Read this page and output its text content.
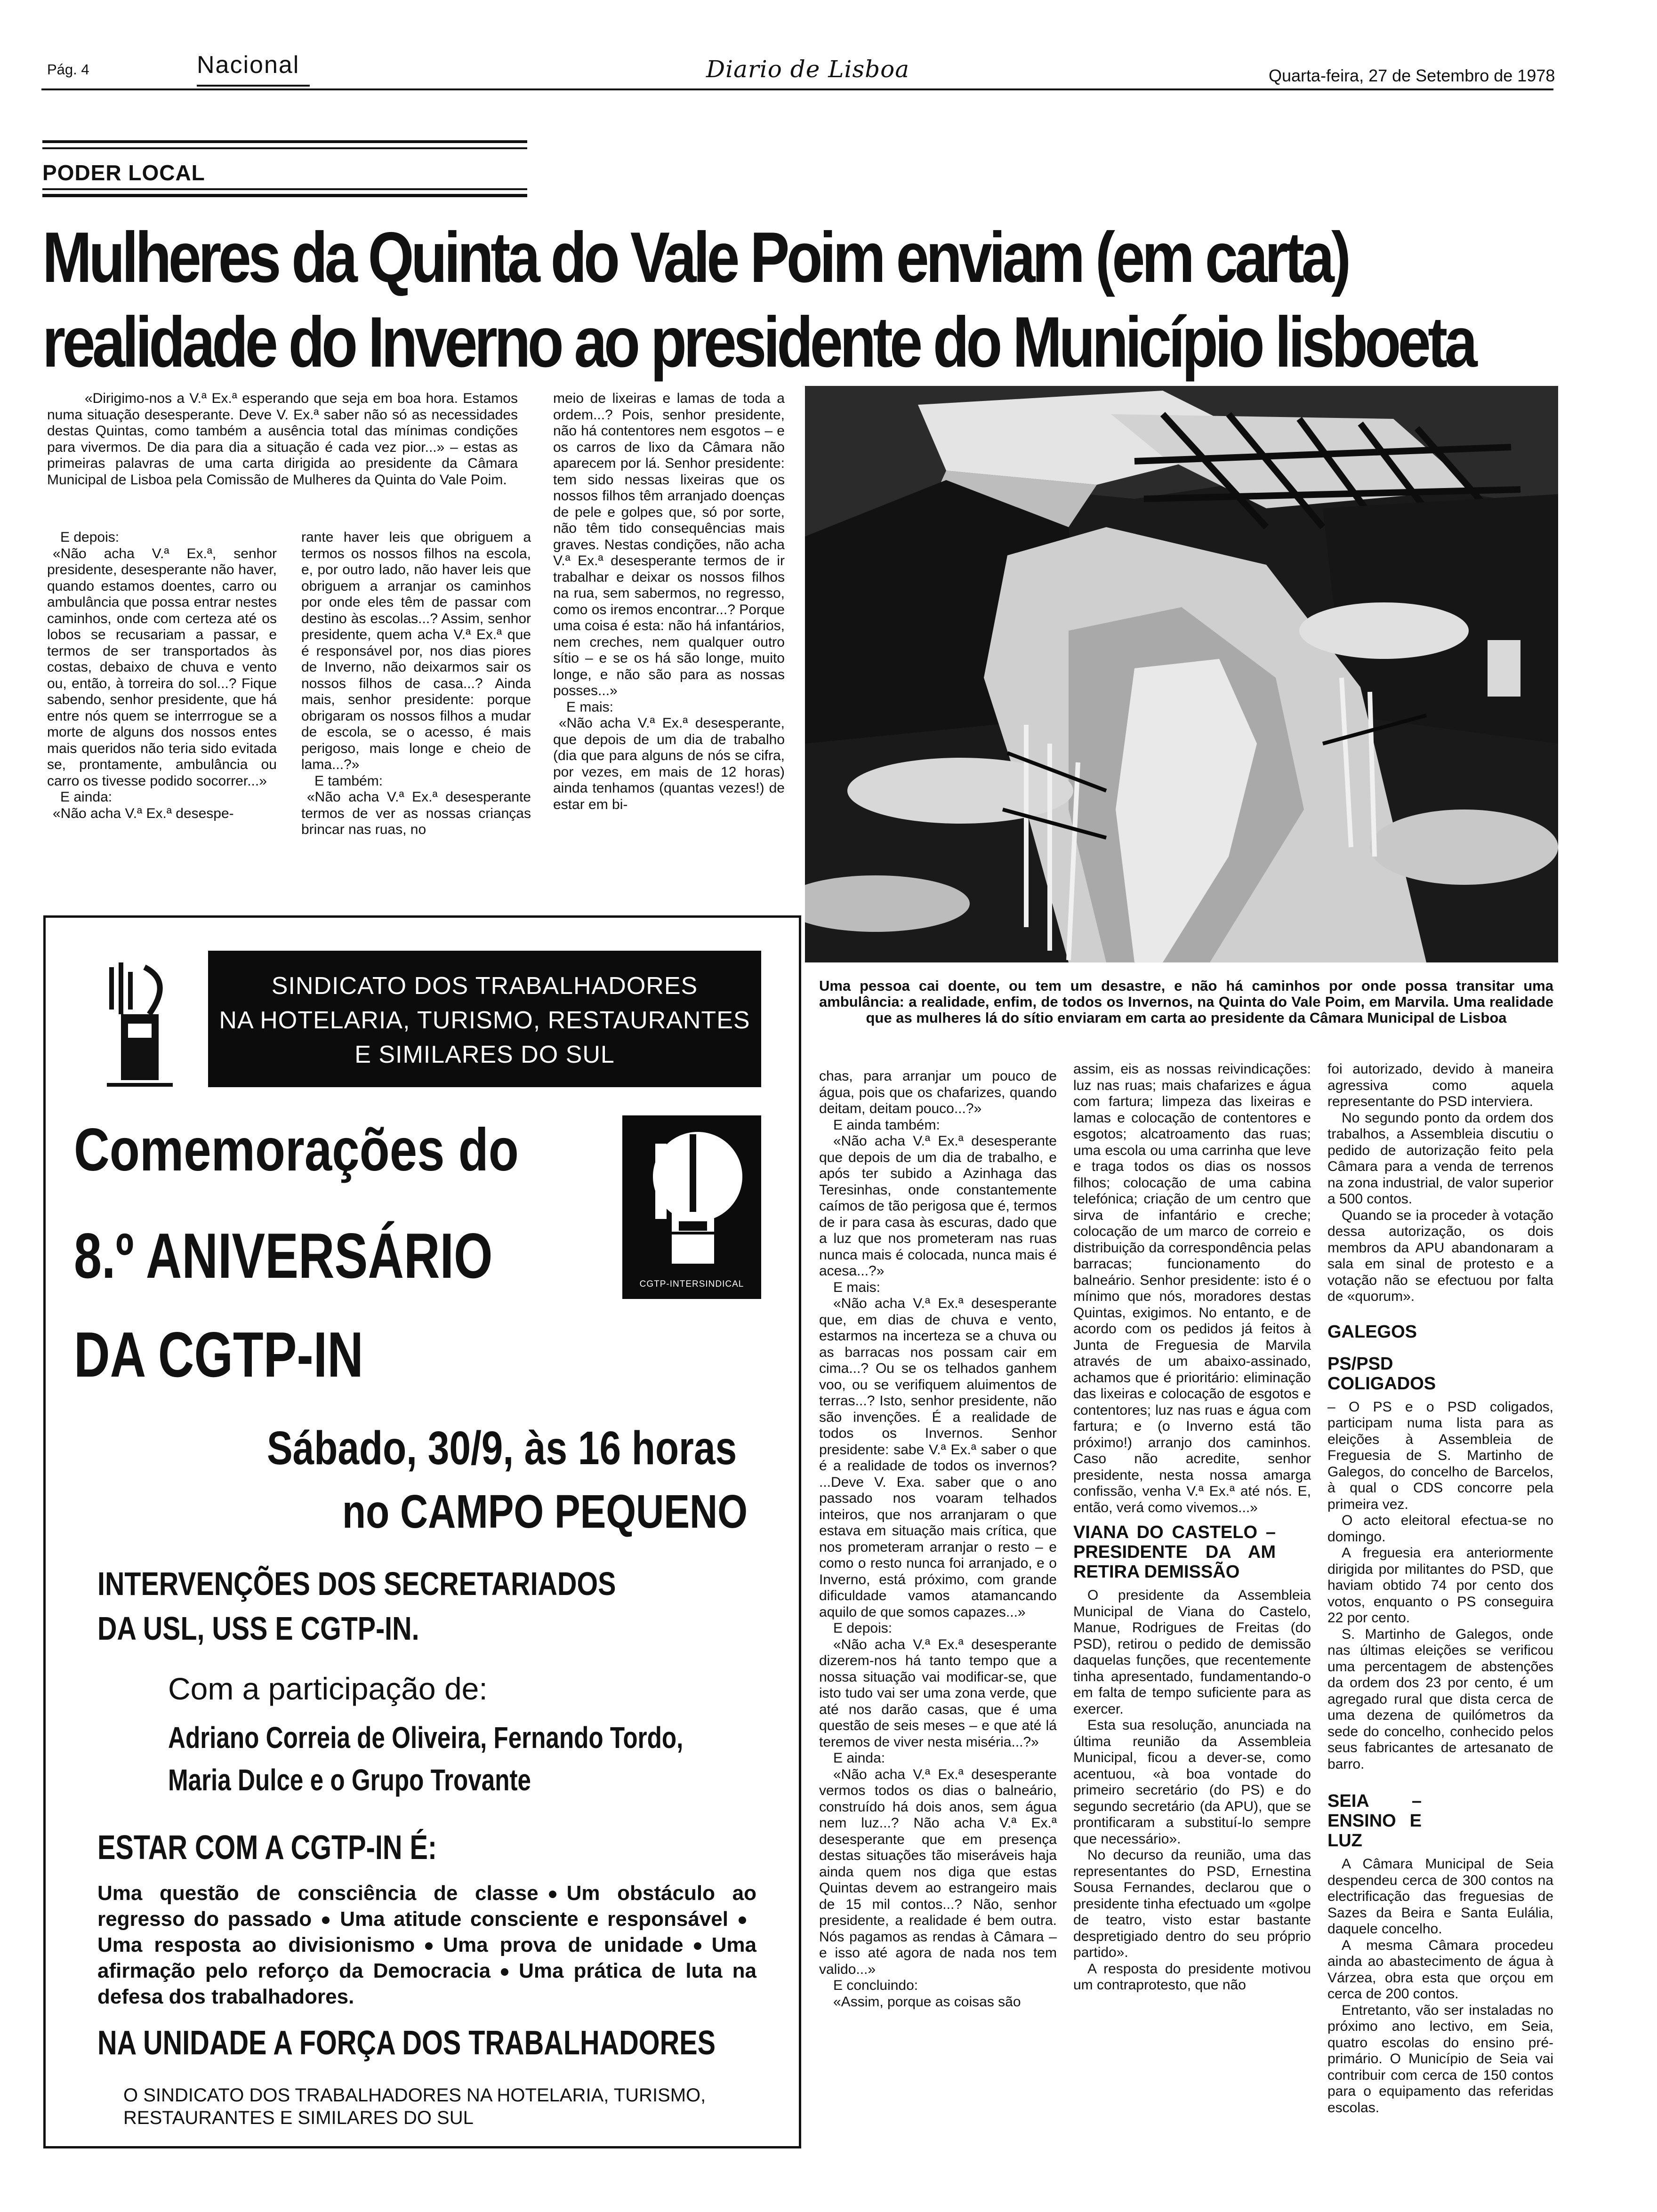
Pág. 4	Nacional	Diario de Lisboa	Quarta-feira, 27 de Setembro de 1978
PODER LOCAL
Mulheres da Quinta do Vale Poim enviam (em carta)
realidade do Inverno ao presidente do Município lisboeta

«Dirigimo-nos a V.ª Ex.ª esperando que seja em boa hora. Estamos numa situação desesperante. Deve V. Ex.ª saber não só as necessidades destas Quintas, como também a ausência total das mínimas condições para vivermos. De dia para dia a situação é cada vez pior...» – estas as primeiras palavras de uma carta dirigida ao presidente da Câmara Municipal de Lisboa pela Comissão de Mulheres da Quinta do Vale Poim.

E depois:

«Não acha V.ª Ex.ª, senhor presidente, desesperante não haver, quando estamos doentes, carro ou ambulância que possa entrar nestes caminhos, onde com certeza até os lobos se recusariam a passar, e termos de ser transportados às costas, debaixo de chuva e vento ou, então, à torreira do sol...? Fique sabendo, senhor presidente, que há entre nós quem se interrrogue se a morte de alguns dos nossos entes mais queridos não teria sido evitada se, prontamente, ambulância ou carro os tivesse podido socorrer...»

E ainda:

«Não acha V.ª Ex.ª desespe-

rante haver leis que obriguem a termos os nossos filhos na escola, e, por outro lado, não haver leis que obriguem a arranjar os caminhos por onde eles têm de passar com destino às escolas...? Assim, senhor presidente, quem acha V.ª Ex.ª que é responsável por, nos dias piores de Inverno, não deixarmos sair os nossos filhos de casa...? Ainda mais, senhor presidente: porque obrigaram os nossos filhos a mudar de escola, se o acesso, é mais perigoso, mais longe e cheio de lama...?»

E também:

«Não acha V.ª Ex.ª desesperante termos de ver as nossas crianças brincar nas ruas, no

meio de lixeiras e lamas de toda a ordem...? Pois, senhor presidente, não há contentores nem esgotos – e os carros de lixo da Câmara não aparecem por lá. Senhor presidente: tem sido nessas lixeiras que os nossos filhos têm arranjado doenças de pele e golpes que, só por sorte, não têm tido consequências mais graves. Nestas condições, não acha V.ª Ex.ª desesperante termos de ir trabalhar e deixar os nossos filhos na rua, sem sabermos, no regresso, como os iremos encontrar...? Porque uma coisa é esta: não há infantários, nem creches, nem qualquer outro sítio – e se os há são longe, muito longe, e não são para as nossas posses...»

E mais:

«Não acha V.ª Ex.ª desesperante, que depois de um dia de trabalho (dia que para alguns de nós se cifra, por vezes, em mais de 12 horas) ainda tenhamos (quantas vezes!) de estar em bi-

Uma pessoa cai doente, ou tem um desastre, e não há caminhos por onde possa transitar uma ambulância: a realidade, enfim, de todos os Invernos, na Quinta do Vale Poim, em Marvila. Uma realidade que as mulheres lá do sítio enviaram em carta ao presidente da Câmara Municipal de Lisboa

chas, para arranjar um pouco de água, pois que os chafarizes, quando deitam, deitam pouco...?»

E ainda também:

«Não acha V.ª Ex.ª desesperante que depois de um dia de trabalho, e após ter subido a Azinhaga das Teresinhas, onde constantemente caímos de tão perigosa que é, termos de ir para casa às escuras, dado que a luz que nos prometeram nas ruas nunca mais é colocada, nunca mais é acesa...?»

E mais:

«Não acha V.ª Ex.ª desesperante que, em dias de chuva e vento, estarmos na incerteza se a chuva ou as barracas nos possam cair em cima...? Ou se os telhados ganhem voo, ou se verifiquem aluimentos de terras...? Isto, senhor presidente, não são invenções. É a realidade de todos os Invernos. Senhor presidente: sabe V.ª Ex.ª saber o que é a realidade de todos os invernos? ...Deve V. Exa. saber que o ano passado nos voaram telhados inteiros, que nos arranjaram o que estava em situação mais crítica, que nos prometeram arranjar o resto – e como o resto nunca foi arranjado, e o Inverno, está próximo, com grande dificuldade vamos atamancando aquilo de que somos capazes...»

E depois:

«Não acha V.ª Ex.ª desesperante dizerem-nos há tanto tempo que a nossa situação vai modificar-se, que isto tudo vai ser uma zona verde, que até nos darão casas, que é uma questão de seis meses – e que até lá teremos de viver nesta miséria...?»

E ainda:

«Não acha V.ª Ex.ª desesperante vermos todos os dias o balneário, construído há dois anos, sem água nem luz...? Não acha V.ª Ex.ª desesperante que em presença destas situações tão miseráveis haja ainda quem nos diga que estas Quintas devem ao estrangeiro mais de 15 mil contos...? Não, senhor presidente, a realidade é bem outra. Nós pagamos as rendas à Câmara – e isso até agora de nada nos tem valido...»

E concluindo:

«Assim, porque as coisas são

assim, eis as nossas reivindicações: luz nas ruas; mais chafarizes e água com fartura; limpeza das lixeiras e lamas e colocação de contentores e esgotos; alcatroamento das ruas; uma escola ou uma carrinha que leve e traga todos os dias os nossos filhos; colocação de uma cabina telefónica; criação de um centro que sirva de infantário e creche; colocação de um marco de correio e distribuição da correspondência pelas barracas; funcionamento do balneário. Senhor presidente: isto é o mínimo que nós, moradores destas Quintas, exigimos. No entanto, e de acordo com os pedidos já feitos à Junta de Freguesia de Marvila através de um abaixo-assinado, achamos que é prioritário: eliminação das lixeiras e colocação de esgotos e contentores; luz nas ruas e água com fartura; e (o Inverno está tão próximo!) arranjo dos caminhos. Caso não acredite, senhor presidente, nesta nossa amarga confissão, venha V.ª Ex.ª até nós. E, então, verá como vivemos...»

VIANA DO CASTELO – PRESIDENTE DA AM RETIRA DEMISSÃO

O presidente da Assembleia Municipal de Viana do Castelo, Manue, Rodrigues de Freitas (do PSD), retirou o pedido de demissão daquelas funções, que recentemente tinha apresentado, fundamentando-o em falta de tempo suficiente para as exercer.

Esta sua resolução, anunciada na última reunião da Assembleia Municipal, ficou a dever-se, como acentuou, «à boa vontade do primeiro secretário (do PS) e do segundo secretário (da APU), que se prontificaram a substituí-lo sempre que necessário».

No decurso da reunião, uma das representantes do PSD, Ernestina Sousa Fernandes, declarou que o presidente tinha efectuado um «golpe de teatro, visto estar bastante despretigiado dentro do seu próprio partido».

A resposta do presidente motivou um contraprotesto, que não

foi autorizado, devido à maneira agressiva como aquela representante do PSD interviera.

No segundo ponto da ordem dos trabalhos, a Assembleia discutiu o pedido de autorização feito pela Câmara para a venda de terrenos na zona industrial, de valor superior a 500 contos.

Quando se ia proceder à votação dessa autorização, os dois membros da APU abandonaram a sala em sinal de protesto e a votação não se efectuou por falta de «quorum».

GALEGOS
PS/PSD COLIGADOS

– O PS e o PSD coligados, participam numa lista para as eleições à Assembleia de Freguesia de S. Martinho de Galegos, do concelho de Barcelos, à qual o CDS concorre pela primeira vez.

O acto eleitoral efectua-se no domingo.

A freguesia era anteriormente dirigida por militantes do PSD, que haviam obtido 74 por cento dos votos, enquanto o PS conseguira 22 por cento.

S. Martinho de Galegos, onde nas últimas eleições se verificou uma percentagem de abstenções da ordem dos 23 por cento, é um agregado rural que dista cerca de uma dezena de quilómetros da sede do concelho, conhecido pelos seus fabricantes de artesanato de barro.

SEIA – ENSINO E LUZ

A Câmara Municipal de Seia despendeu cerca de 300 contos na electrificação das freguesias de Sazes da Beira e Santa Eulália, daquele concelho.

A mesma Câmara procedeu ainda ao abastecimento de água à Várzea, obra esta que orçou em cerca de 200 contos.

Entretanto, vão ser instaladas no próximo ano lectivo, em Seia, quatro escolas do ensino pré-primário. O Município de Seia vai contribuir com cerca de 150 contos para o equipamento das referidas escolas.

SINDICATO DOS TRABALHADORES
NA HOTELARIA, TURISMO, RESTAURANTES
E SIMILARES DO SUL
Comemorações do
8.º ANIVERSÁRIO
DA CGTP-IN
CGTP-INTERSINDICAL
Sábado, 30/9, às 16 horas
no CAMPO PEQUENO
INTERVENÇÕES DOS SECRETARIADOS
DA USL, USS E CGTP-IN.
Com a participação de:
Adriano Correia de Oliveira, Fernando Tordo,
Maria Dulce e o Grupo Trovante
ESTAR COM A CGTP-IN É:
Uma questão de consciência de classe Um obstáculo ao regresso do passado Uma atitude consciente e responsávelUma resposta ao divisionismo Uma prova de unidade Uma afirmação pelo reforço da Democracia Uma prática de luta na defesa dos trabalhadores.
NA UNIDADE A FORÇA DOS TRABALHADORES
O SINDICATO DOS TRABALHADORES NA HOTELARIA, TURISMO,
RESTAURANTES E SIMILARES DO SUL
